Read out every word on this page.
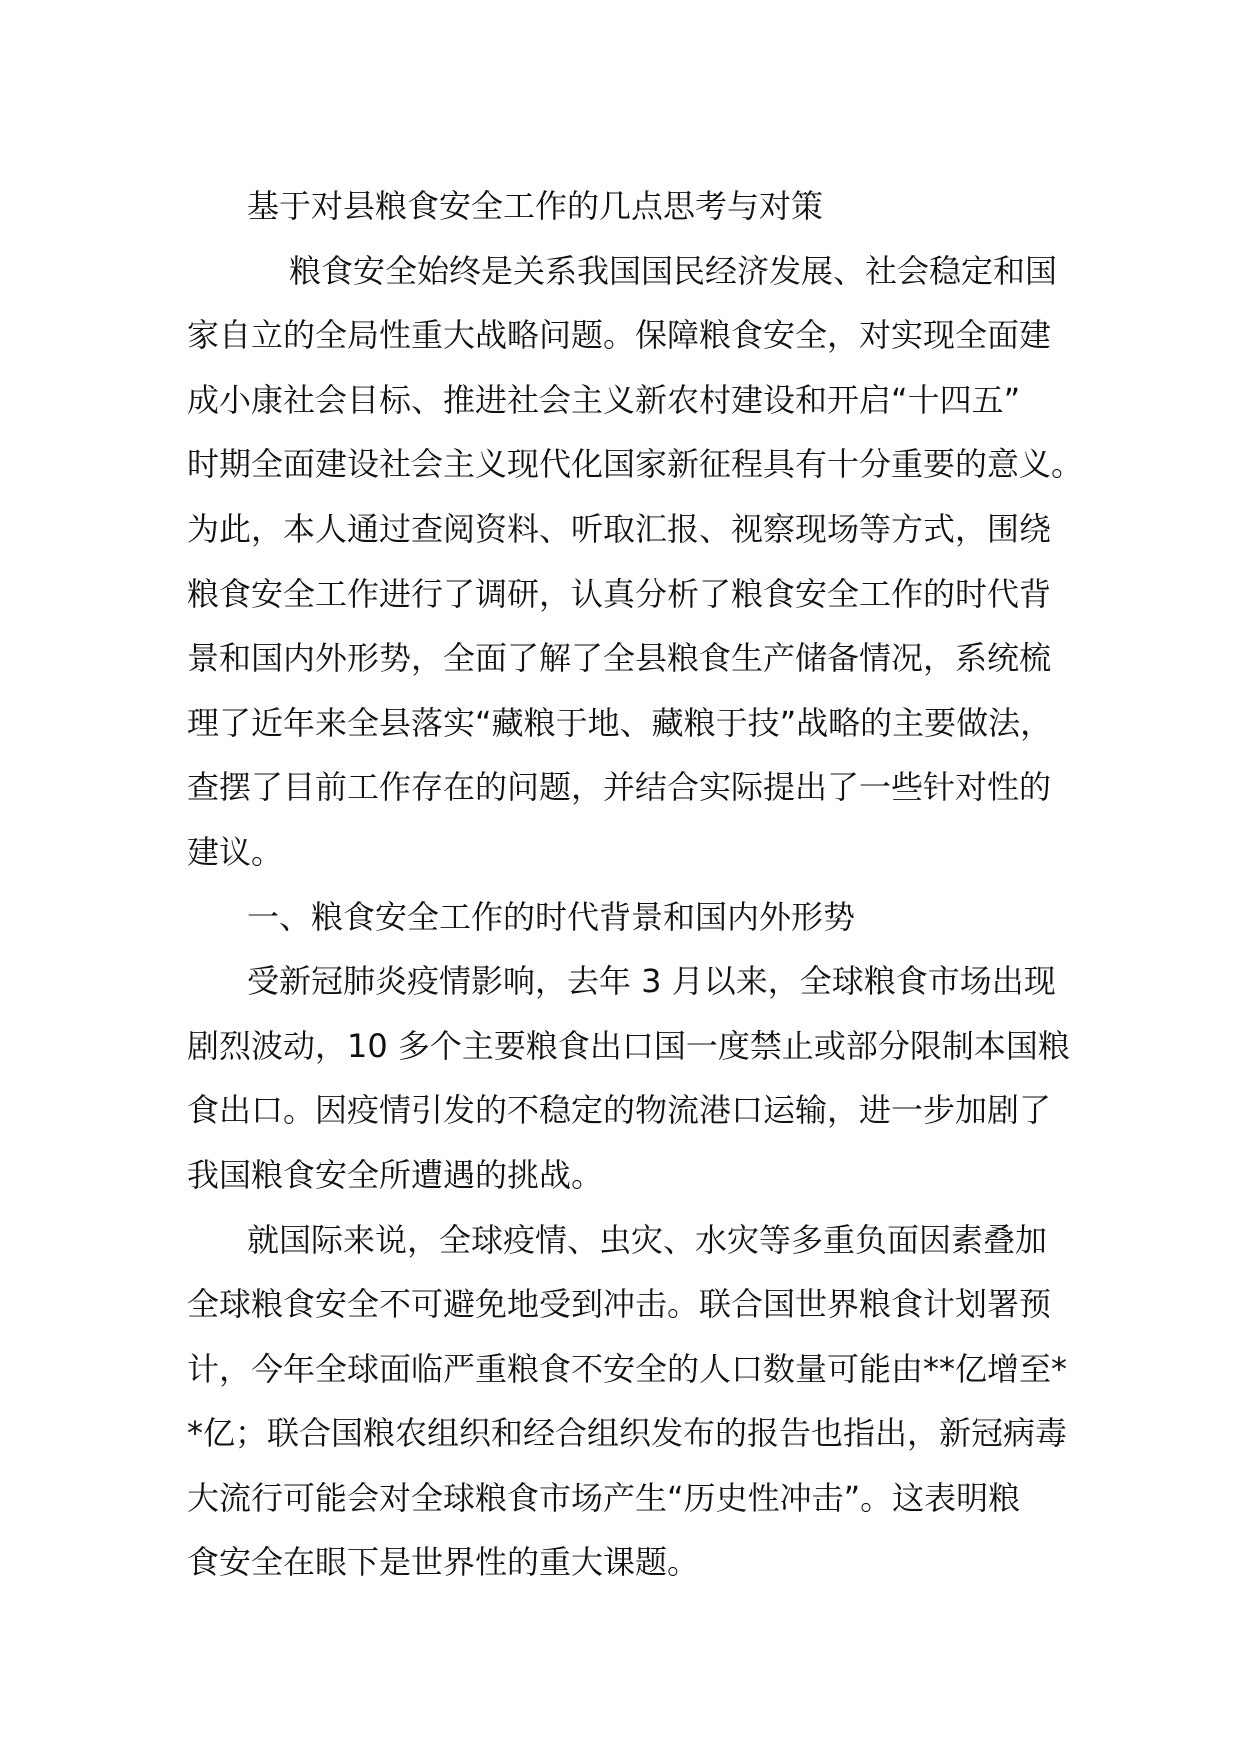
基于对县粮食安全工作的几点思考与对策
粮食安全始终是关系我国国民经济发展、社会稳定和国
家自立的全局性重大战略问题。保障粮食安全，对实现全面建
成小康社会目标、推进社会主义新农村建设和开启“十四五”
时期全面建设社会主义现代化国家新征程具有十分重要的意义。
为此，本人通过查阅资料、听取汇报、视察现场等方式，围绕
粮食安全工作进行了调研，认真分析了粮食安全工作的时代背
景和国内外形势，全面了解了全县粮食生产储备情况，系统梳
理了近年来全县落实“藏粮于地、藏粮于技”战略的主要做法，
查摆了目前工作存在的问题，并结合实际提出了一些针对性的
建议。
一、粮食安全工作的时代背景和国内外形势
受新冠肺炎疫情影响，去年 3 月以来，全球粮食市场出现
剧烈波动，10 多个主要粮食出口国一度禁止或部分限制本国粮
食出口。因疫情引发的不稳定的物流港口运输，进一步加剧了
我国粮食安全所遭遇的挑战。
就国际来说，全球疫情、虫灾、水灾等多重负面因素叠加
全球粮食安全不可避免地受到冲击。联合国世界粮食计划署预
计，今年全球面临严重粮食不安全的人口数量可能由**亿增至*
*亿；联合国粮农组织和经合组织发布的报告也指出，新冠病毒
大流行可能会对全球粮食市场产生“历史性冲击”。这表明粮
食安全在眼下是世界性的重大课题。
